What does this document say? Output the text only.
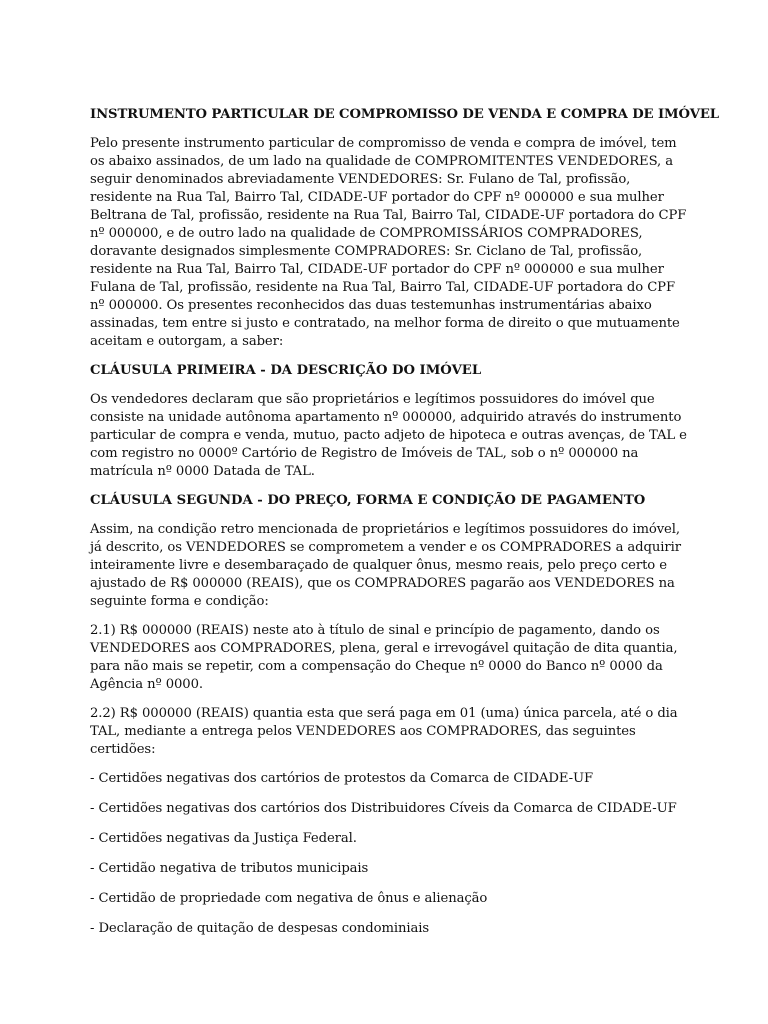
INSTRUMENTO PARTICULAR DE COMPROMISSO DE VENDA E COMPRA DE IMÓVEL

Pelo presente instrumento particular de compromisso de venda e compra de imóvel, tem os abaixo assinados, de um lado na qualidade de COMPROMITENTES VENDEDORES, a seguir denominados abreviadamente VENDEDORES: Sr. Fulano de Tal, profissão, residente na Rua Tal, Bairro Tal, CIDADE-UF portador do CPF nº 000000 e sua mulher Beltrana de Tal, profissão, residente na Rua Tal, Bairro Tal, CIDADE-UF portadora do CPF nº 000000, e de outro lado na qualidade de COMPROMISSÁRIOS COMPRADORES, doravante designados simplesmente COMPRADORES: Sr. Ciclano de Tal, profissão, residente na Rua Tal, Bairro Tal, CIDADE-UF portador do CPF nº 000000 e sua mulher Fulana de Tal, profissão, residente na Rua Tal, Bairro Tal, CIDADE-UF portadora do CPF nº 000000. Os presentes reconhecidos das duas testemunhas instrumentárias abaixo assinadas, tem entre si justo e contratado, na melhor forma de direito o que mutuamente aceitam e outorgam, a saber:

CLÁUSULA PRIMEIRA - DA DESCRIÇÃO DO IMÓVEL

Os vendedores declaram que são proprietários e legítimos possuidores do imóvel que consiste na unidade autônoma apartamento nº 000000, adquirido através do instrumento particular de compra e venda, mutuo, pacto adjeto de hipoteca e outras avenças, de TAL e com registro no 0000º Cartório de Registro de Imóveis de TAL, sob o nº 000000 na matrícula nº 0000 Datada de TAL.

CLÁUSULA SEGUNDA - DO PREÇO, FORMA E CONDIÇÃO DE PAGAMENTO

Assim, na condição retro mencionada de proprietários e legítimos possuidores do imóvel, já descrito, os VENDEDORES se comprometem a vender e os COMPRADORES a adquirir inteiramente livre e desembaraçado de qualquer ônus, mesmo reais, pelo preço certo e ajustado de R$ 000000 (REAIS), que os COMPRADORES pagarão aos VENDEDORES na seguinte forma e condição:

2.1) R$ 000000 (REAIS) neste ato à título de sinal e princípio de pagamento, dando os VENDEDORES aos COMPRADORES, plena, geral e irrevogável quitação de dita quantia, para não mais se repetir, com a compensação do Cheque nº 0000 do Banco nº 0000 da Agência nº 0000.

2.2) R$ 000000 (REAIS) quantia esta que será paga em 01 (uma) única parcela, até o dia TAL, mediante a entrega pelos VENDEDORES aos COMPRADORES, das seguintes certidões:

- Certidões negativas dos cartórios de protestos da Comarca de CIDADE-UF
- Certidões negativas dos cartórios dos Distribuidores Cíveis da Comarca de CIDADE-UF
- Certidões negativas da Justiça Federal.
- Certidão negativa de tributos municipais
- Certidão de propriedade com negativa de ônus e alienação
- Declaração de quitação de despesas condominiais
